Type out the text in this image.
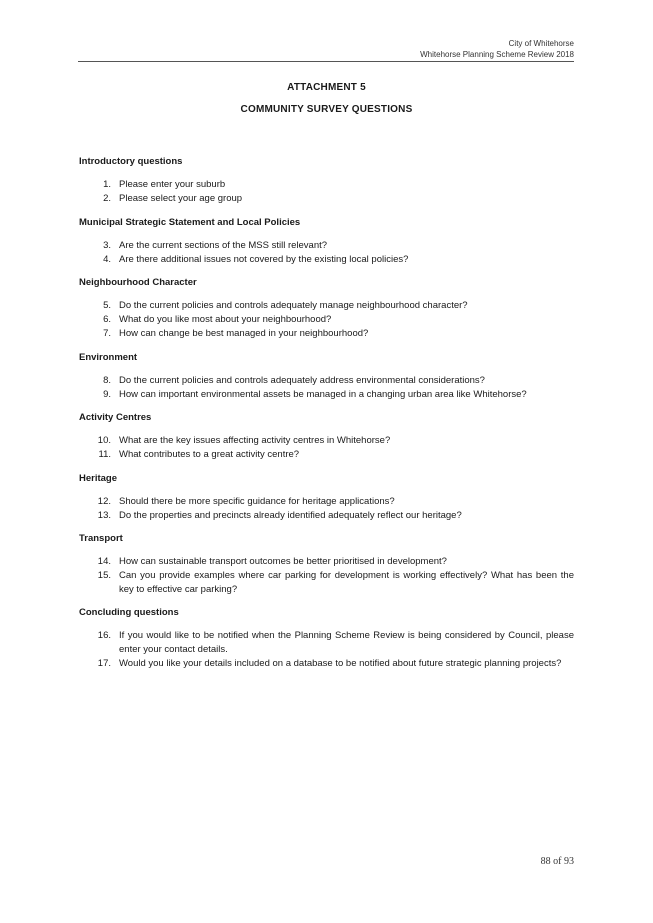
City of Whitehorse
Whitehorse Planning Scheme Review 2018
ATTACHMENT 5
COMMUNITY SURVEY QUESTIONS
Introductory questions
1. Please enter your suburb
2. Please select your age group
Municipal Strategic Statement and Local Policies
3. Are the current sections of the MSS still relevant?
4. Are there additional issues not covered by the existing local policies?
Neighbourhood Character
5. Do the current policies and controls adequately manage neighbourhood character?
6. What do you like most about your neighbourhood?
7. How can change be best managed in your neighbourhood?
Environment
8. Do the current policies and controls adequately address environmental considerations?
9. How can important environmental assets be managed in a changing urban area like Whitehorse?
Activity Centres
10. What are the key issues affecting activity centres in Whitehorse?
11. What contributes to a great activity centre?
Heritage
12. Should there be more specific guidance for heritage applications?
13. Do the properties and precincts already identified adequately reflect our heritage?
Transport
14. How can sustainable transport outcomes be better prioritised in development?
15. Can you provide examples where car parking for development is working effectively? What has been the key to effective car parking?
Concluding questions
16. If you would like to be notified when the Planning Scheme Review is being considered by Council, please enter your contact details.
17. Would you like your details included on a database to be notified about future strategic planning projects?
88 of 93
